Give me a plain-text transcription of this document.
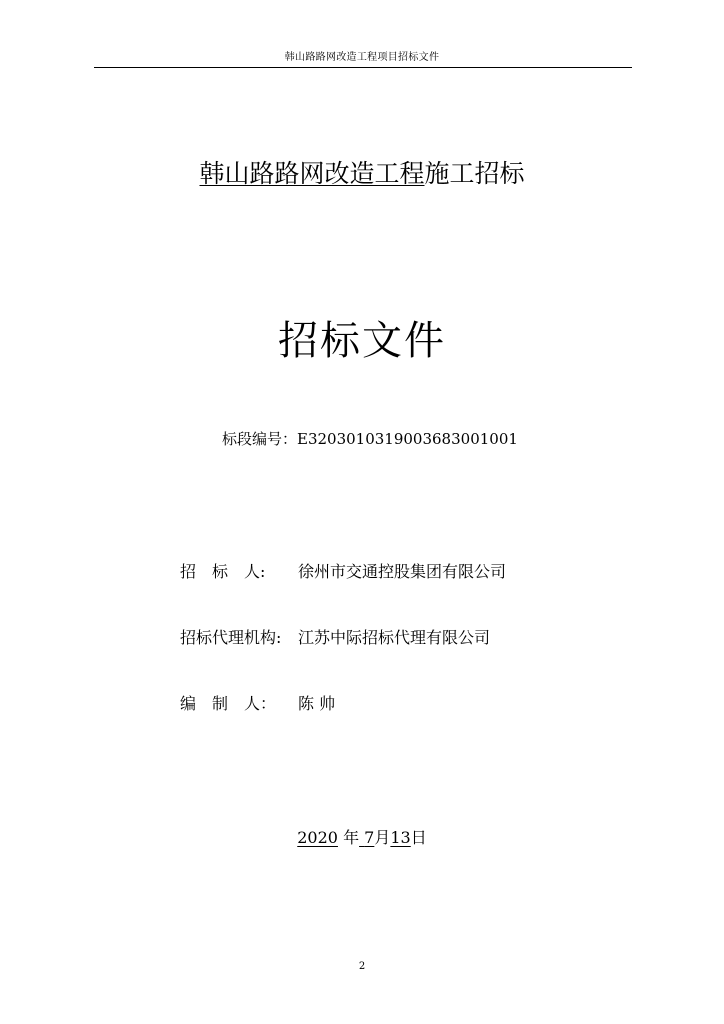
韩山路路网改造工程项目招标文件
韩山路路网改造工程施工招标
招标文件
标段编号：E3203010319003683001001
招　标　人: 徐州市交通控股集团有限公司
招标代理机构: 江苏中际招标代理有限公司
编　制　人： 陈 帅
2020 年 7月13日
2
